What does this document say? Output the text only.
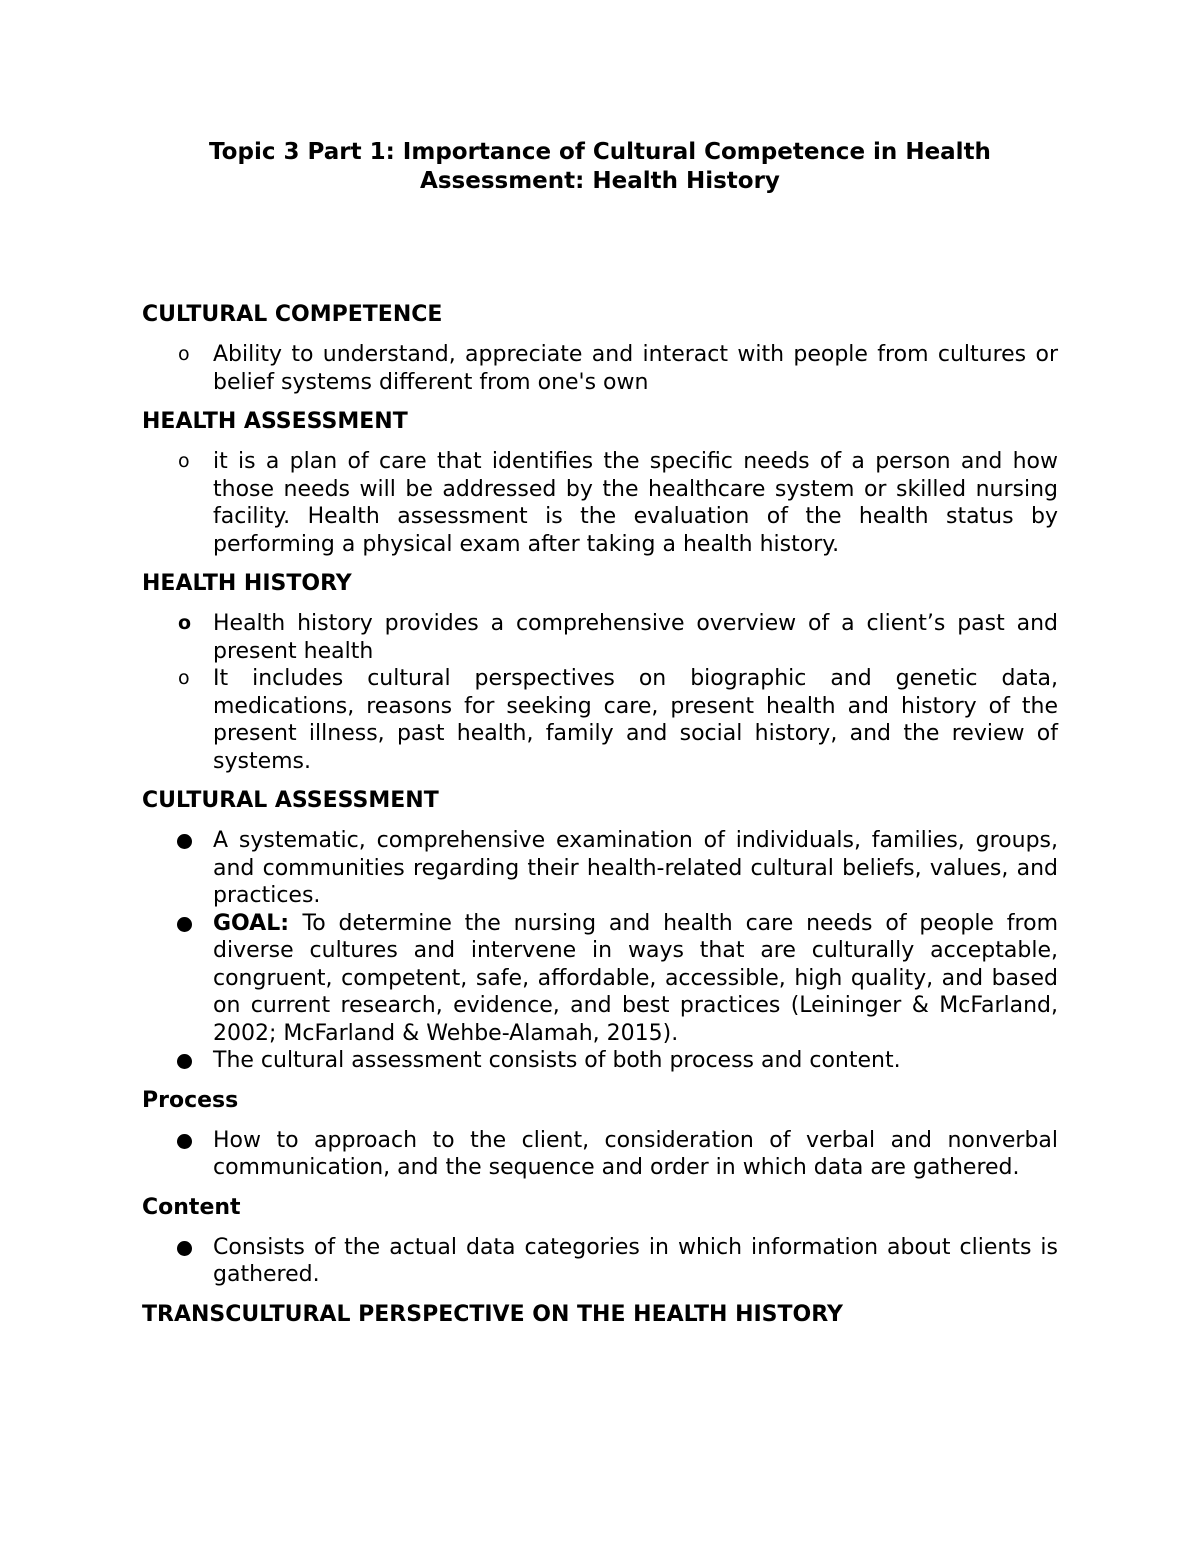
Topic 3 Part 1: Importance of Cultural Competence in Health
Assessment: Health History
CULTURAL COMPETENCE
o Ability to understand, appreciate and interact with people from cultures or belief systems different from one's own
HEALTH ASSESSMENT
o it is a plan of care that identifies the specific needs of a person and how those needs will be addressed by the healthcare system or skilled nursing facility. Health assessment is the evaluation of the health status by performing a physical exam after taking a health history.
HEALTH HISTORY
o Health history provides a comprehensive overview of a client’s past and present health
o It includes cultural perspectives on biographic and genetic data, medications, reasons for seeking care, present health and history of the present illness, past health, family and social history, and the review of systems.
CULTURAL ASSESSMENT
A systematic, comprehensive examination of individuals, families, groups, and communities regarding their health-related cultural beliefs, values, and practices.
GOAL: To determine the nursing and health care needs of people from diverse cultures and intervene in ways that are culturally acceptable, congruent, competent, safe, affordable, accessible, high quality, and based on current research, evidence, and best practices (Leininger & McFarland, 2002; McFarland & Wehbe-Alamah, 2015).
The cultural assessment consists of both process and content.
Process
How to approach to the client, consideration of verbal and nonverbal communication, and the sequence and order in which data are gathered.
Content
Consists of the actual data categories in which information about clients is gathered.
TRANSCULTURAL PERSPECTIVE ON THE HEALTH HISTORY
